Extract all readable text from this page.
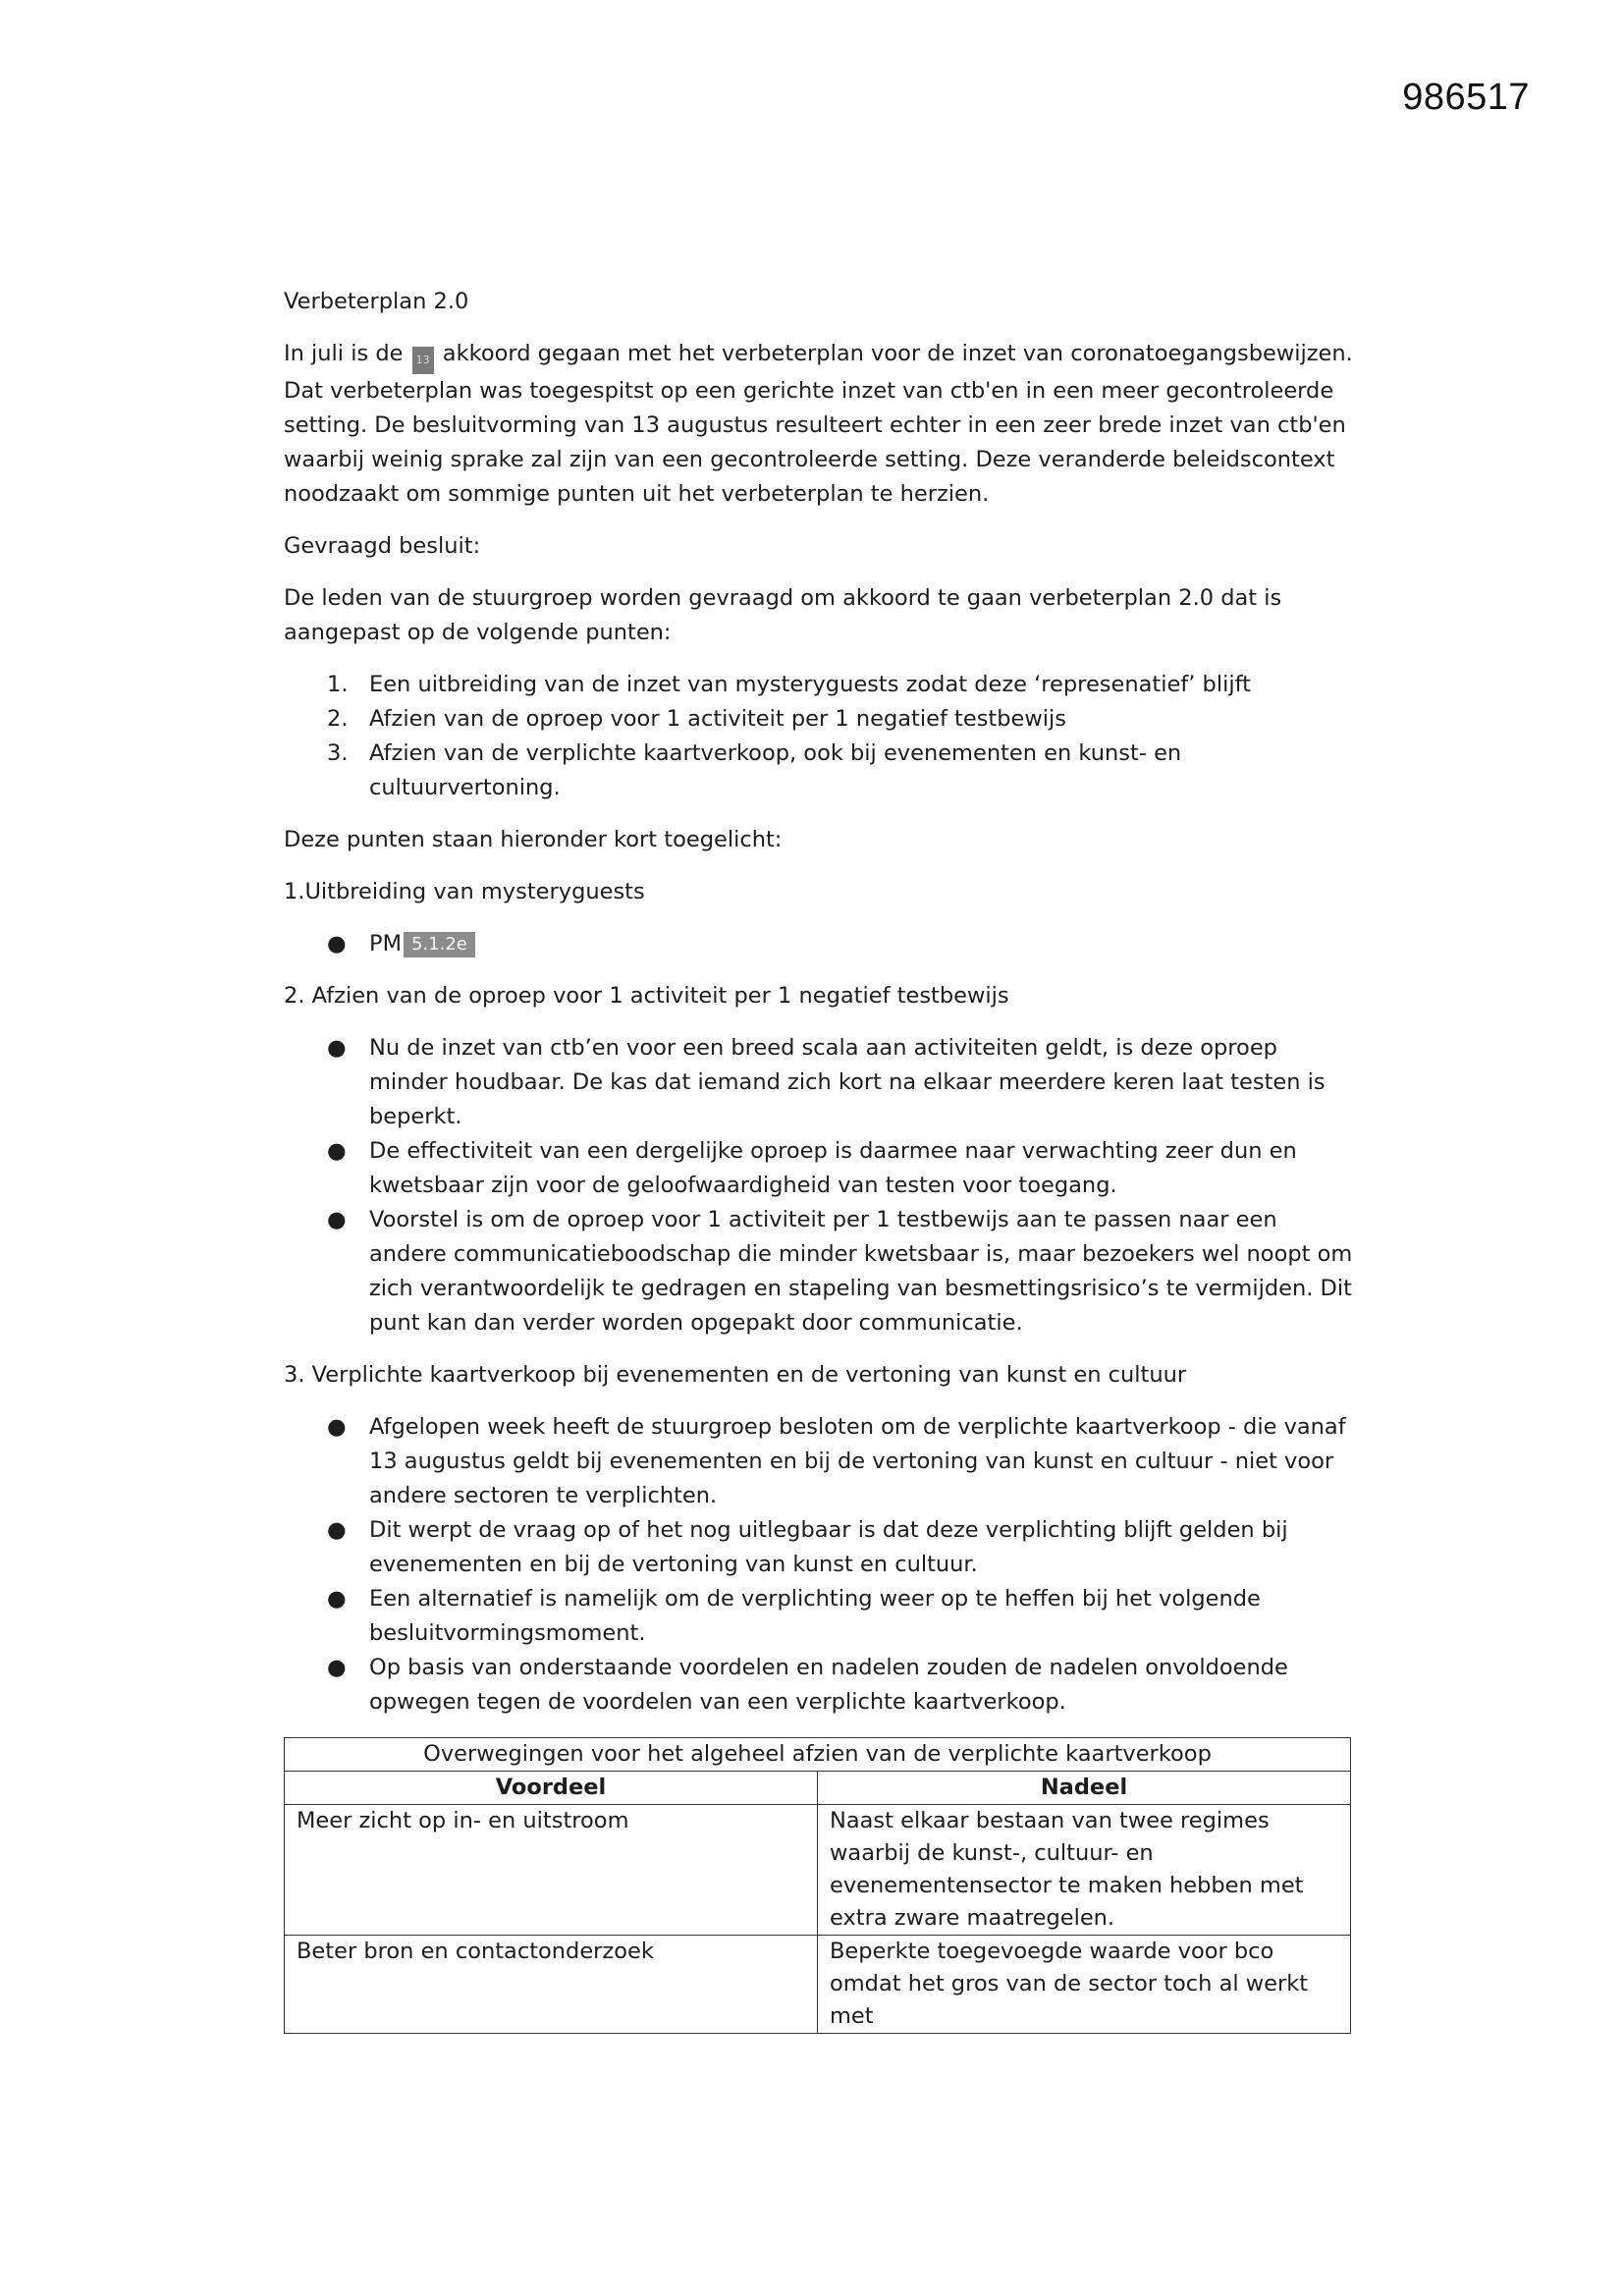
986517

Verbeterplan 2.0

In juli is de 13 akkoord gegaan met het verbeterplan voor de inzet van coronatoegangsbewijzen. Dat verbeterplan was toegespitst op een gerichte inzet van ctb'en in een meer gecontroleerde setting. De besluitvorming van 13 augustus resulteert echter in een zeer brede inzet van ctb'en waarbij weinig sprake zal zijn van een gecontroleerde setting. Deze veranderde beleidscontext noodzaakt om sommige punten uit het verbeterplan te herzien.

Gevraagd besluit:

De leden van de stuurgroep worden gevraagd om akkoord te gaan verbeterplan 2.0 dat is aangepast op de volgende punten:

1. Een uitbreiding van de inzet van mysteryguests zodat deze ‘represenatief’ blijft
2. Afzien van de oproep voor 1 activiteit per 1 negatief testbewijs
3. Afzien van de verplichte kaartverkoop, ook bij evenementen en kunst- en cultuurvertoning.

Deze punten staan hieronder kort toegelicht:

1.Uitbreiding van mysteryguests

● PM 5.1.2e

2. Afzien van de oproep voor 1 activiteit per 1 negatief testbewijs

● Nu de inzet van ctb’en voor een breed scala aan activiteiten geldt, is deze oproep minder houdbaar. De kas dat iemand zich kort na elkaar meerdere keren laat testen is beperkt.
● De effectiviteit van een dergelijke oproep is daarmee naar verwachting zeer dun en kwetsbaar zijn voor de geloofwaardigheid van testen voor toegang.
● Voorstel is om de oproep voor 1 activiteit per 1 testbewijs aan te passen naar een andere communicatieboodschap die minder kwetsbaar is, maar bezoekers wel noopt om zich verantwoordelijk te gedragen en stapeling van besmettingsrisico’s te vermijden. Dit punt kan dan verder worden opgepakt door communicatie.

3. Verplichte kaartverkoop bij evenementen en de vertoning van kunst en cultuur

● Afgelopen week heeft de stuurgroep besloten om de verplichte kaartverkoop - die vanaf 13 augustus geldt bij evenementen en bij de vertoning van kunst en cultuur - niet voor andere sectoren te verplichten.
● Dit werpt de vraag op of het nog uitlegbaar is dat deze verplichting blijft gelden bij evenementen en bij de vertoning van kunst en cultuur.
● Een alternatief is namelijk om de verplichting weer op te heffen bij het volgende besluitvormingsmoment.
● Op basis van onderstaande voordelen en nadelen zouden de nadelen onvoldoende opwegen tegen de voordelen van een verplichte kaartverkoop.
Overwegingen voor het algeheel afzien van de verplichte kaartverkoop	
Voordeel	Nadeel
Meer zicht op in- en uitstroom	Naast elkaar bestaan van twee regimes waarbij de kunst-, cultuur- en evenementensector te maken hebben met extra zware maatregelen.
Beter bron en contactonderzoek	Beperkte toegevoegde waarde voor bco omdat het gros van de sector toch al werkt met
